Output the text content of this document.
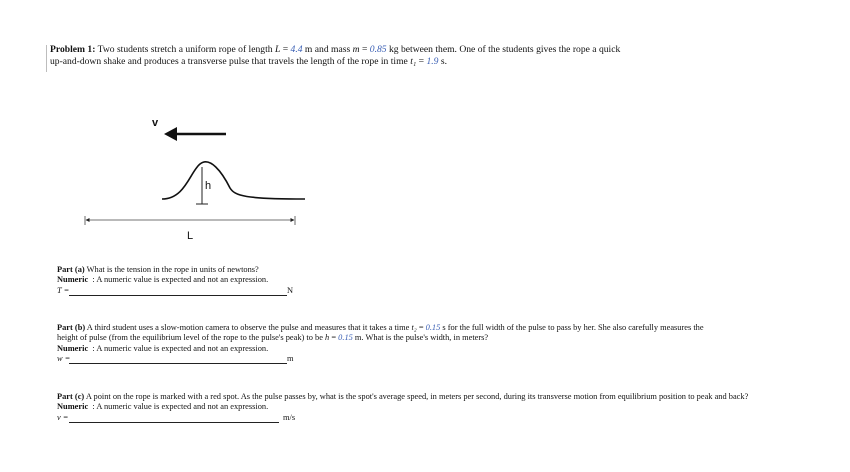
Problem 1: Two students stretch a uniform rope of length L = 4.4 m and mass m = 0.85 kg between them. One of the students gives the rope a quick
up-and-down shake and produces a transverse pulse that travels the length of the rope in time t₁ = 1.9 s.
v
h
L
Part (a) What is the tension in the rope in units of newtons?
Numeric : A numeric value is expected and not an expression.
T =	N
Part (b) A third student uses a slow-motion camera to observe the pulse and measures that it takes a time t₂ = 0.15 s for the full width of the pulse to pass by her. She also carefully measures the
height of pulse (from the equilibrium level of the rope to the pulse's peak) to be h = 0.15 m. What is the pulse's width, in meters?
Numeric : A numeric value is expected and not an expression.
w =	m
Part (c) A point on the rope is marked with a red spot. As the pulse passes by, what is the spot's average speed, in meters per second, during its transverse motion from equilibrium position to peak and back?
Numeric : A numeric value is expected and not an expression.
v =	m/s
